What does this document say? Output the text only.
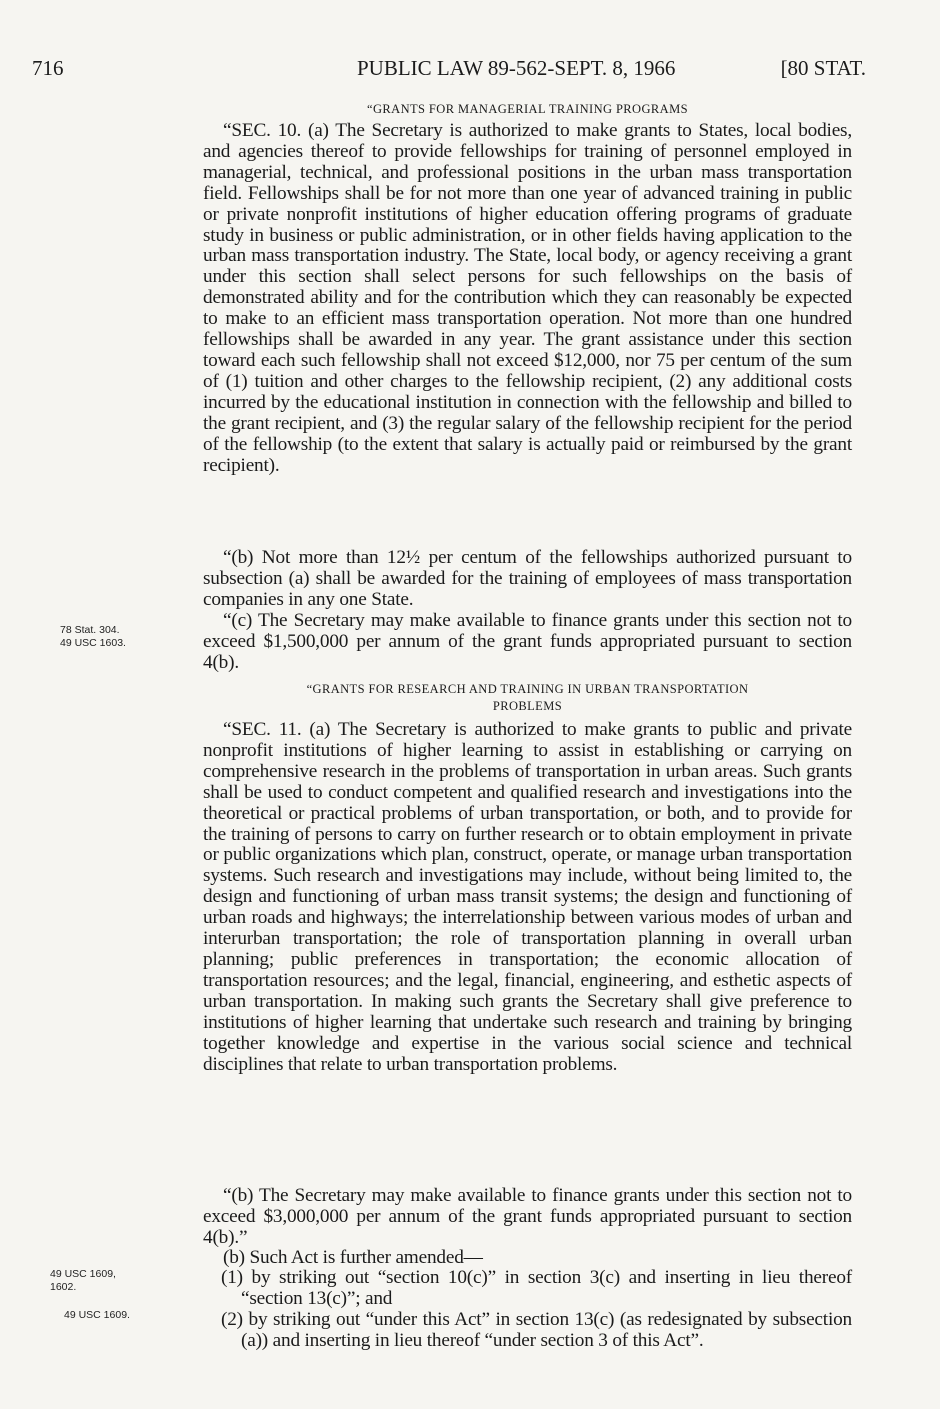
716	PUBLIC LAW 89-562-SEPT. 8, 1966	[80 STAT.
“GRANTS FOR MANAGERIAL TRAINING PROGRAMS

“SEC. 10. (a) The Secretary is authorized to make grants to States, local bodies, and agencies thereof to provide fellowships for training of personnel employed in managerial, technical, and professional positions in the urban mass transportation field. Fellowships shall be for not more than one year of advanced training in public or private nonprofit institutions of higher education offering programs of graduate study in business or public administration, or in other fields having application to the urban mass transportation industry. The State, local body, or agency receiving a grant under this section shall select persons for such fellowships on the basis of demonstrated ability and for the contribution which they can reasonably be expected to make to an efficient mass transportation operation. Not more than one hundred fellowships shall be awarded in any year. The grant assistance under this section toward each such fellowship shall not exceed $12,000, nor 75 per centum of the sum of (1) tuition and other charges to the fellowship recipient, (2) any additional costs incurred by the educational institution in connection with the fellowship and billed to the grant recipient, and (3) the regular salary of the fellowship recipient for the period of the fellowship (to the extent that salary is actually paid or reimbursed by the grant recipient).

“(b) Not more than 12½ per centum of the fellowships authorized pursuant to subsection (a) shall be awarded for the training of employees of mass transportation companies in any one State.

“(c) The Secretary may make available to finance grants under this section not to exceed $1,500,000 per annum of the grant funds appropriated pursuant to section 4(b).

“GRANTS FOR RESEARCH AND TRAINING IN URBAN TRANSPORTATION
PROBLEMS

“SEC. 11. (a) The Secretary is authorized to make grants to public and private nonprofit institutions of higher learning to assist in establishing or carrying on comprehensive research in the problems of transportation in urban areas. Such grants shall be used to conduct competent and qualified research and investigations into the theoretical or practical problems of urban transportation, or both, and to provide for the training of persons to carry on further research or to obtain employment in private or public organizations which plan, construct, operate, or manage urban transportation systems. Such research and investigations may include, without being limited to, the design and functioning of urban mass transit systems; the design and functioning of urban roads and highways; the interrelationship between various modes of urban and interurban transportation; the role of transportation planning in overall urban planning; public preferences in transportation; the economic allocation of transportation resources; and the legal, financial, engineering, and esthetic aspects of urban transportation. In making such grants the Secretary shall give preference to institutions of higher learning that undertake such research and training by bringing together knowledge and expertise in the various social science and technical disciplines that relate to urban transportation problems.

“(b) The Secretary may make available to finance grants under this section not to exceed $3,000,000 per annum of the grant funds appropriated pursuant to section 4(b).”

(b) Such Act is further amended—

(1) by striking out “section 10(c)” in section 3(c) and inserting in lieu thereof “section 13(c)”; and

(2) by striking out “under this Act” in section 13(c) (as redesignated by subsection (a)) and inserting in lieu thereof “under section 3 of this Act”.

78 Stat. 304.
49 USC 1603.
49 USC 1609,
1602.
49 USC 1609.
